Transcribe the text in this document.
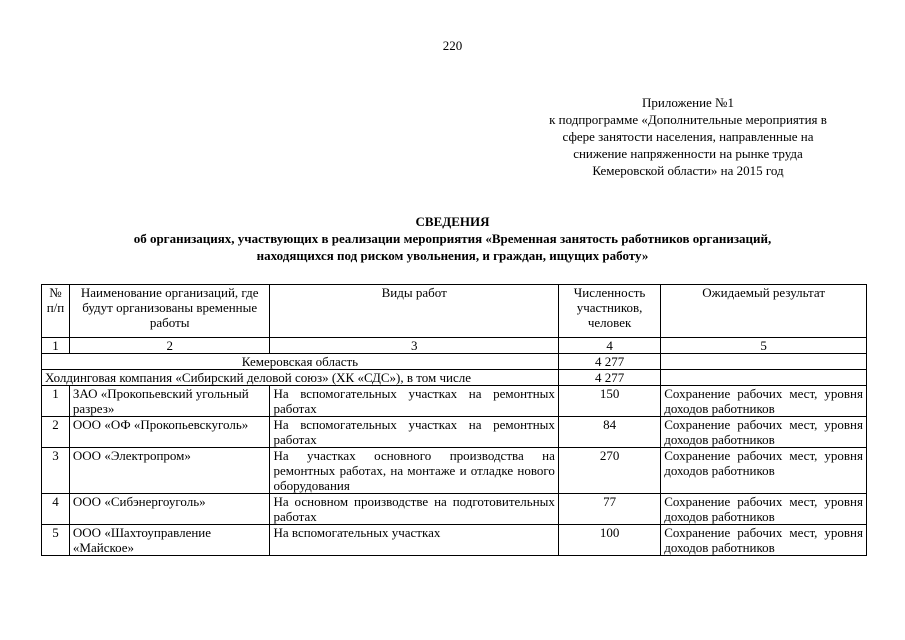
220
Приложение №1
к подпрограмме «Дополнительные мероприятия в
сфере занятости населения, направленные на
снижение напряженности на рынке труда
Кемеровской области» на 2015 год
СВЕДЕНИЯ
об организациях, участвующих в реализации мероприятия «Временная занятость работников организаций,
находящихся под риском увольнения, и граждан, ищущих работу»
№ п/п	Наименование организаций, где будут организованы временные работы	Виды работ	Численность участников, человек	Ожидаемый результат
1	2	3	4	5
Кемеровская область			4 277	
Холдинговая компания «Сибирский деловой союз» (ХК «СДС»), в том числе			4 277	
1	ЗАО «Прокопьевский угольный разрез»	На вспомогательных участках на ремонтных работах	150	Сохранение рабочих мест, уровня доходов работников
2	ООО «ОФ «Прокопьевскуголь»	На вспомогательных участках на ремонтных работах	84	Сохранение рабочих мест, уровня доходов работников
3	ООО «Электропром»	На участках основного производства на ремонтных работах, на монтаже и отладке нового оборудования	270	Сохранение рабочих мест, уровня доходов работников
4	ООО «Сибэнергоуголь»	На основном производстве на подготовительных работах	77	Сохранение рабочих мест, уровня доходов работников
5	ООО «Шахтоуправление «Майское»	На вспомогательных участках	100	Сохранение рабочих мест, уровня доходов работников
